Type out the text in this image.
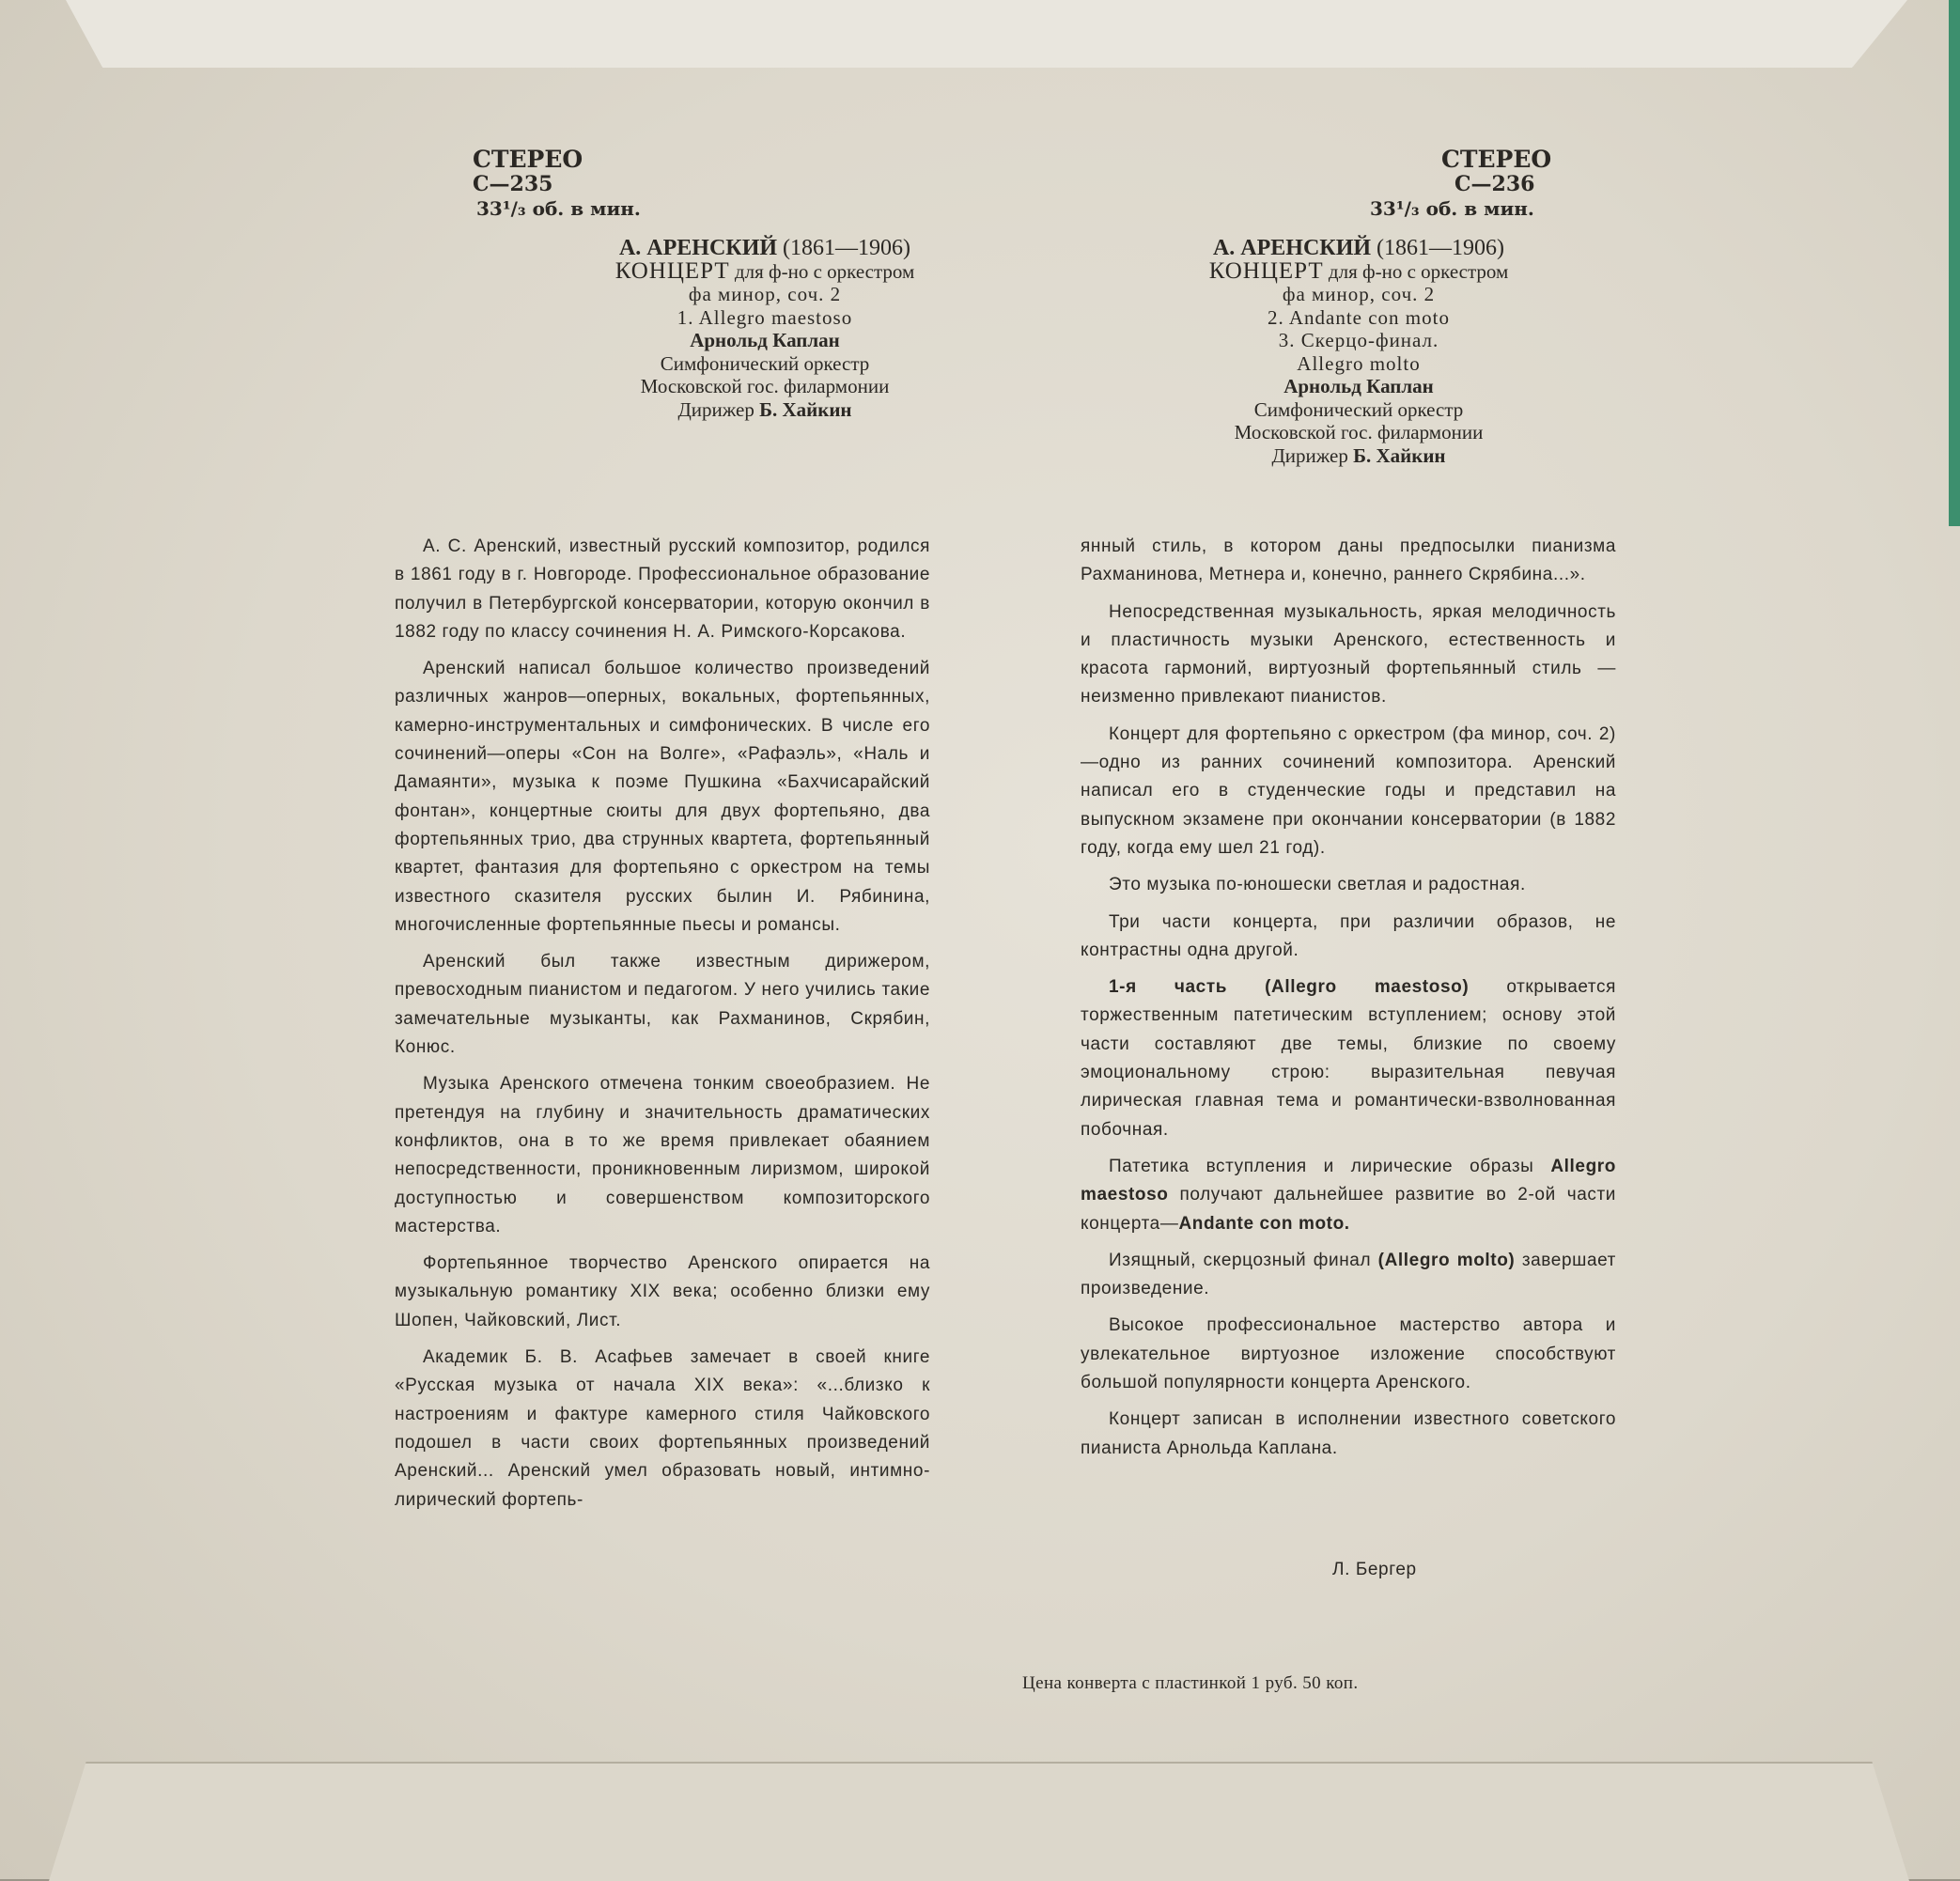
СТЕРЕО
С—235
33¹/₃ об. в мин.
А. АРЕНСКИЙ (1861—1906)
КОНЦЕРТ для ф-но с оркестром
фа минор, соч. 2
1. Allegro maestoso
Арнольд Каплан
Симфонический оркестр
Московской гос. филармонии
Дирижер Б. Хайкин
СТЕРЕО
С—236
33¹/₃ об. в мин.
А. АРЕНСКИЙ (1861—1906)
КОНЦЕРТ для ф-но с оркестром
фа минор, соч. 2
2. Andante con moto
3. Скерцо-финал.
Allegro molto
Арнольд Каплан
Симфонический оркестр
Московской гос. филармонии
Дирижер Б. Хайкин

А. С. Аренский, известный русский композитор, родился в 1861 году в г. Новгороде. Профессиональное образование получил в Петербургской консерватории, которую окончил в 1882 году по классу сочинения Н. А. Римского-Корсакова.

Аренский написал большое количество произведений различных жанров—оперных, вокальных, фортепьянных, камерно-инструментальных и симфонических. В числе его сочинений—оперы «Сон на Волге», «Рафаэль», «Наль и Дамаянти», музыка к поэме Пушкина «Бахчисарайский фонтан», концертные сюиты для двух фортепьяно, два фортепьянных трио, два струнных квартета, фортепьянный квартет, фантазия для фортепьяно с оркестром на темы известного сказителя русских былин И. Рябинина, многочисленные фортепьянные пьесы и романсы.

Аренский был также известным дирижером, превосходным пианистом и педагогом. У него учились такие замечательные музыканты, как Рахманинов, Скрябин, Конюс.

Музыка Аренского отмечена тонким своеобразием. Не претендуя на глубину и значительность драматических конфликтов, она в то же время привлекает обаянием непосредственности, проникновенным лиризмом, широкой доступностью и совершенством композиторского мастерства.

Фортепьянное творчество Аренского опирается на музыкальную романтику XIX века; особенно близки ему Шопен, Чайковский, Лист.

Академик Б. В. Асафьев замечает в своей книге «Русская музыка от начала XIX века»: «...близко к настроениям и фактуре камерного стиля Чайковского подошел в части своих фортепьянных произведений Аренский... Аренский умел образовать новый, интимно-лирический фортепь-

янный стиль, в котором даны предпосылки пианизма Рахманинова, Метнера и, конечно, раннего Скрябина...».

Непосредственная музыкальность, яркая мелодичность и пластичность музыки Аренского, естественность и красота гармоний, виртуозный фортепьянный стиль — неизменно привлекают пианистов.

Концерт для фортепьяно с оркестром (фа минор, соч. 2)—одно из ранних сочинений композитора. Аренский написал его в студенческие годы и представил на выпускном экзамене при окончании консерватории (в 1882 году, когда ему шел 21 год).

Это музыка по-юношески светлая и радостная.

Три части концерта, при различии образов, не контрастны одна другой.

1-я часть (Allegro maestoso) открывается торжественным патетическим вступлением; основу этой части составляют две темы, близкие по своему эмоциональному строю: выразительная певучая лирическая главная тема и романтически-взволнованная побочная.

Патетика вступления и лирические образы Allegro maestoso получают дальнейшее развитие во 2-ой части концерта—Andante con moto.

Изящный, скерцозный финал (Allegro molto) завершает произведение.

Высокое профессиональное мастерство автора и увлекательное виртуозное изложение способствуют большой популярности концерта Аренского.

Концерт записан в исполнении известного советского пианиста Арнольда Каплана.

Л. Бергер
Цена конверта с пластинкой 1 руб. 50 коп.
